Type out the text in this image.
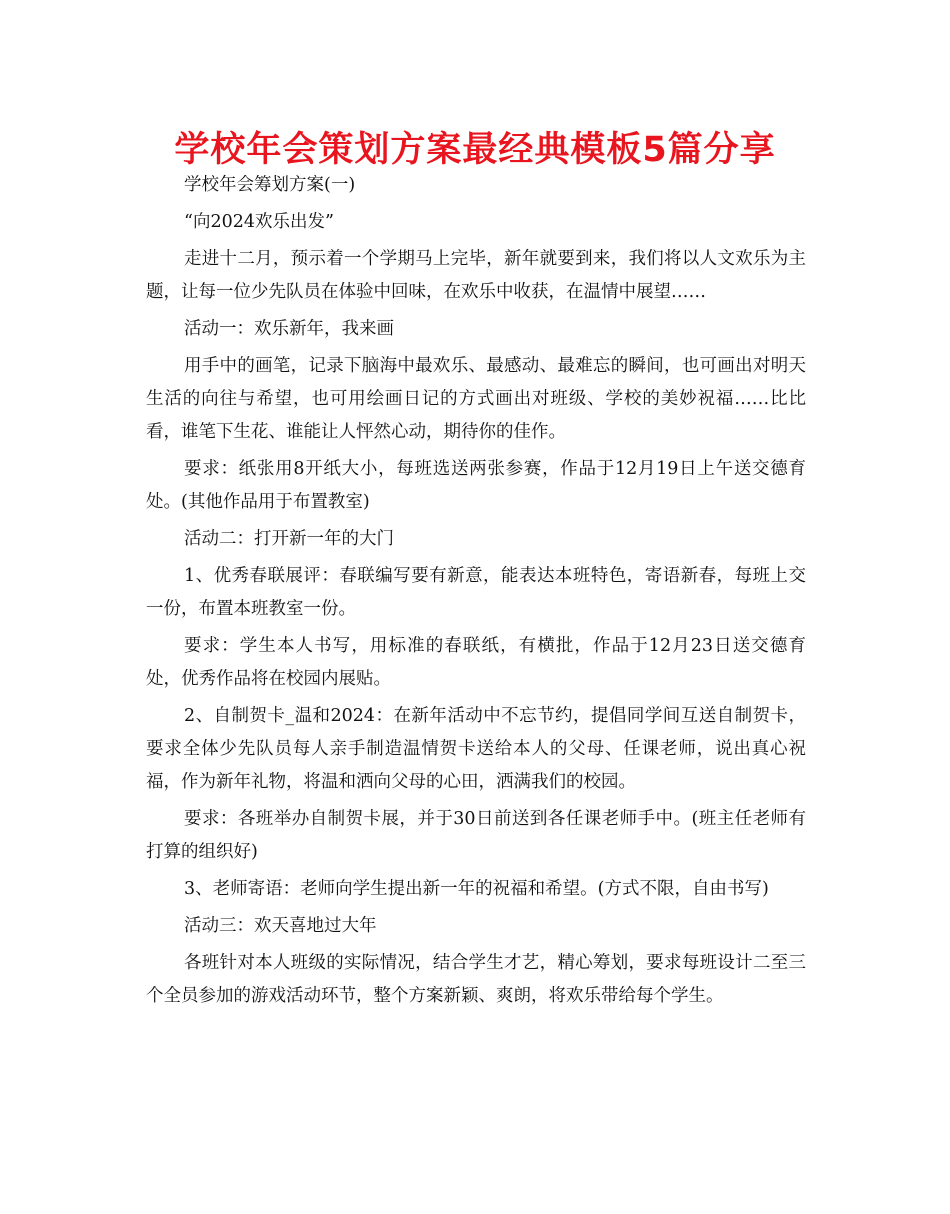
学校年会策划方案最经典模板5篇分享

学校年会筹划方案(一)

“向2024欢乐出发”

走进十二月，预示着一个学期马上完毕，新年就要到来，我们将以人文欢乐为主题，让每一位少先队员在体验中回味，在欢乐中收获，在温情中展望……

活动一：欢乐新年，我来画

用手中的画笔，记录下脑海中最欢乐、最感动、最难忘的瞬间，也可画出对明天生活的向往与希望，也可用绘画日记的方式画出对班级、学校的美妙祝福……比比看，谁笔下生花、谁能让人怦然心动，期待你的佳作。

要求：纸张用8开纸大小，每班选送两张参赛，作品于12月19日上午送交德育处。(其他作品用于布置教室)

活动二：打开新一年的大门

1、优秀春联展评：春联编写要有新意，能表达本班特色，寄语新春，每班上交一份，布置本班教室一份。

要求：学生本人书写，用标准的春联纸，有横批，作品于12月23日送交德育处，优秀作品将在校园内展贴。

2、自制贺卡_温和2024：在新年活动中不忘节约，提倡同学间互送自制贺卡，要求全体少先队员每人亲手制造温情贺卡送给本人的父母、任课老师，说出真心祝福，作为新年礼物，将温和洒向父母的心田，洒满我们的校园。

要求：各班举办自制贺卡展，并于30日前送到各任课老师手中。(班主任老师有打算的组织好)

3、老师寄语：老师向学生提出新一年的祝福和希望。(方式不限，自由书写)

活动三：欢天喜地过大年

各班针对本人班级的实际情况，结合学生才艺，精心筹划，要求每班设计二至三个全员参加的游戏活动环节，整个方案新颖、爽朗，将欢乐带给每个学生。
